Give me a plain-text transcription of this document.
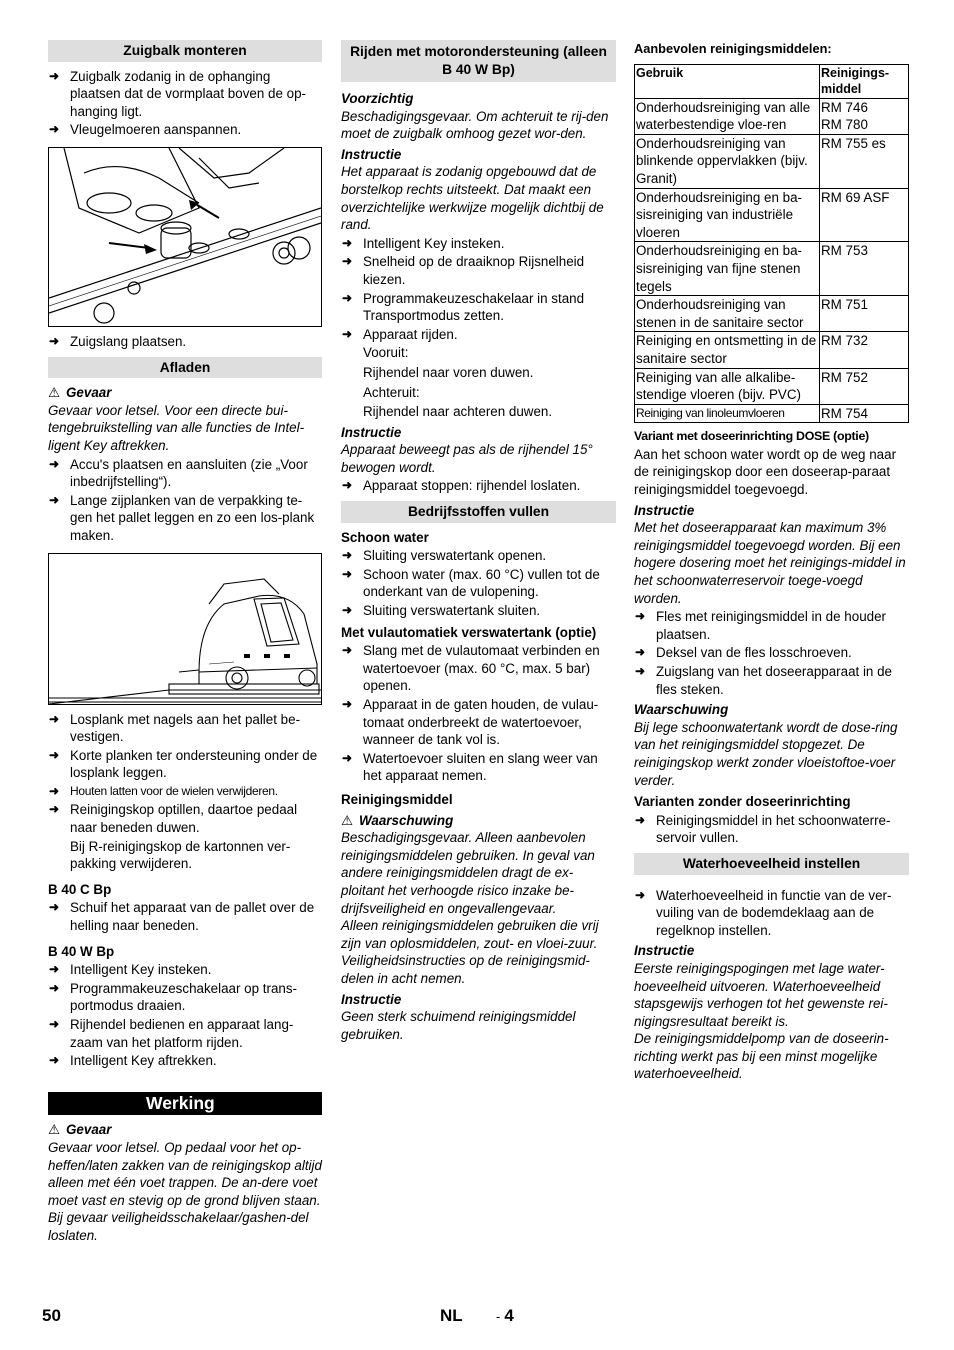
Zuigbalk monteren
➜ Zuigbalk zodanig in de ophanging plaatsen dat de vormplaat boven de op-hanging ligt.
➜ Vleugelmoeren aanspannen.
➜ Zuigslang plaatsen.
Afladen
⚠ Gevaar
Gevaar voor letsel. Voor een directe bui-tengebruikstelling van alle functies de Intel-ligent Key aftrekken.
➜ Accu's plaatsen en aansluiten (zie „Voor inbedrijfstelling“).
➜ Lange zijplanken van de verpakking te-gen het pallet leggen en zo een los-plank maken.
➜ Losplank met nagels aan het pallet be-vestigen.
➜ Korte planken ter ondersteuning onder de losplank leggen.
➜ Houten latten voor de wielen verwijderen.
➜ Reinigingskop optillen, daartoe pedaal naar beneden duwen.
Bij R-reinigingskop de kartonnen ver-pakking verwijderen.
B 40 C Bp
➜ Schuif het apparaat van de pallet over de helling naar beneden.
B 40 W Bp
➜ Intelligent Key insteken.
➜ Programmakeuzeschakelaar op trans-portmodus draaien.
➜ Rijhendel bedienen en apparaat lang-zaam van het platform rijden.
➜ Intelligent Key aftrekken.
Werking
⚠ Gevaar
Gevaar voor letsel. Op pedaal voor het op-heffen/laten zakken van de reinigingskop altijd alleen met één voet trappen. De an-dere voet moet vast en stevig op de grond blijven staan.
Bij gevaar veiligheidsschakelaar/gashen-del loslaten.
Rijden met motorondersteuning (alleen B 40 W Bp)
Voorzichtig
Beschadigingsgevaar. Om achteruit te rij-den moet de zuigbalk omhoog gezet wor-den.
Instructie
Het apparaat is zodanig opgebouwd dat de borstelkop rechts uitsteekt. Dat maakt een overzichtelijke werkwijze mogelijk dichtbij de rand.
➜ Intelligent Key insteken.
➜ Snelheid op de draaiknop Rijsnelheid kiezen.
➜ Programmakeuzeschakelaar in stand Transportmodus zetten.
➜ Apparaat rijden.
Vooruit:
Rijhendel naar voren duwen.
Achteruit:
Rijhendel naar achteren duwen.
Instructie
Apparaat beweegt pas als de rijhendel 15° bewogen wordt.
➜ Apparaat stoppen: rijhendel loslaten.
Bedrijfsstoffen vullen
Schoon water
➜ Sluiting verswatertank openen.
➜ Schoon water (max. 60 °C) vullen tot de onderkant van de vulopening.
➜ Sluiting verswatertank sluiten.
Met vulautomatiek verswatertank (optie)
➜ Slang met de vulautomaat verbinden en watertoevoer (max. 60 °C, max. 5 bar) openen.
➜ Apparaat in de gaten houden, de vulau-tomaat onderbreekt de watertoevoer, wanneer de tank vol is.
➜ Watertoevoer sluiten en slang weer van het apparaat nemen.
Reinigingsmiddel
⚠ Waarschuwing
Beschadigingsgevaar. Alleen aanbevolen reinigingsmiddelen gebruiken. In geval van andere reinigingsmiddelen dragt de ex-ploitant het verhoogde risico inzake be-drijfsveiligheid en ongevallengevaar.
Alleen reinigingsmiddelen gebruiken die vrij zijn van oplosmiddelen, zout- en vloei-zuur.
Veiligheidsinstructies op de reinigingsmid-delen in acht nemen.
Instructie
Geen sterk schuimend reinigingsmiddel gebruiken.
Aanbevolen reinigingsmiddelen:
Gebruik	Reinigings-middel
Onderhoudsreiniging van alle waterbestendige vloe-ren	RM 746
RM 780
Onderhoudsreiniging van blinkende oppervlakken (bijv. Granit)	RM 755 es
Onderhoudsreiniging en ba-sisreiniging van industriële vloeren	RM 69 ASF
Onderhoudsreiniging en ba-sisreiniging van fijne stenen tegels	RM 753
Onderhoudsreiniging van stenen in de sanitaire sector	RM 751
Reiniging en ontsmetting in de sanitaire sector	RM 732
Reiniging van alle alkalibe-stendige vloeren (bijv. PVC)	RM 752
Reiniging van linoleumvloeren	RM 754
Variant met doseerinrichting DOSE (optie)
Aan het schoon water wordt op de weg naar de reinigingskop door een doseerap-paraat reinigingsmiddel toegevoegd.
Instructie
Met het doseerapparaat kan maximum 3% reinigingsmiddel toegevoegd worden. Bij een hogere dosering moet het reinigings-middel in het schoonwaterreservoir toege-voegd worden.
➜ Fles met reinigingsmiddel in de houder plaatsen.
➜ Deksel van de fles losschroeven.
➜ Zuigslang van het doseerapparaat in de fles steken.
Waarschuwing
Bij lege schoonwatertank wordt de dose-ring van het reinigingsmiddel stopgezet. De reinigingskop werkt zonder vloeistoftoe-voer verder.
Varianten zonder doseerinrichting
➜ Reinigingsmiddel in het schoonwaterre-servoir vullen.
Waterhoeveelheid instellen
➜ Waterhoeveelheid in functie van de ver-vuiling van de bodemdeklaag aan de regelknop instellen.
Instructie
Eerste reinigingspogingen met lage water-hoeveelheid uitvoeren. Waterhoeveelheid stapsgewijs verhogen tot het gewenste rei-nigingsresultaat bereikt is.
De reinigingsmiddelpomp van de doseerin-richting werkt pas bij een minst mogelijke waterhoeveelheid.
50	NL	- 4
